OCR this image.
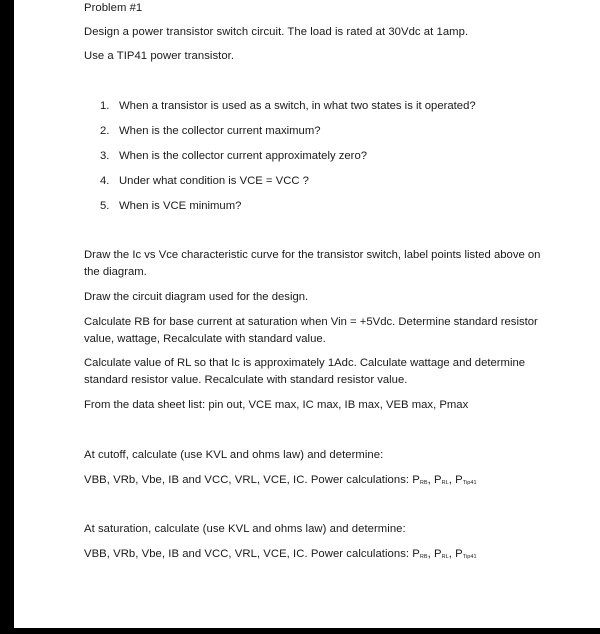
Problem #1
Design a power transistor switch circuit. The load is rated at 30Vdc at 1amp.
Use a TIP41 power transistor.
1. When a transistor is used as a switch, in what two states is it operated?
2. When is the collector current maximum?
3. When is the collector current approximately zero?
4. Under what condition is VCE = VCC ?
5. When is VCE minimum?
Draw the Ic vs Vce characteristic curve for the transistor switch, label points listed above on the diagram.
Draw the circuit diagram used for the design.
Calculate RB for base current at saturation when Vin = +5Vdc. Determine standard resistor value, wattage, Recalculate with standard value.
Calculate value of RL so that Ic is approximately 1Adc. Calculate wattage and determine standard resistor value. Recalculate with standard resistor value.
From the data sheet list: pin out, VCE max, IC max, IB max, VEB max, Pmax
At cutoff, calculate (use KVL and ohms law) and determine:
VBB, VRb, Vbe, IB and VCC, VRL, VCE, IC. Power calculations: PRB, PRL, PTip41
At saturation, calculate (use KVL and ohms law) and determine:
VBB, VRb, Vbe, IB and VCC, VRL, VCE, IC. Power calculations: PRB, PRL, PTip41
